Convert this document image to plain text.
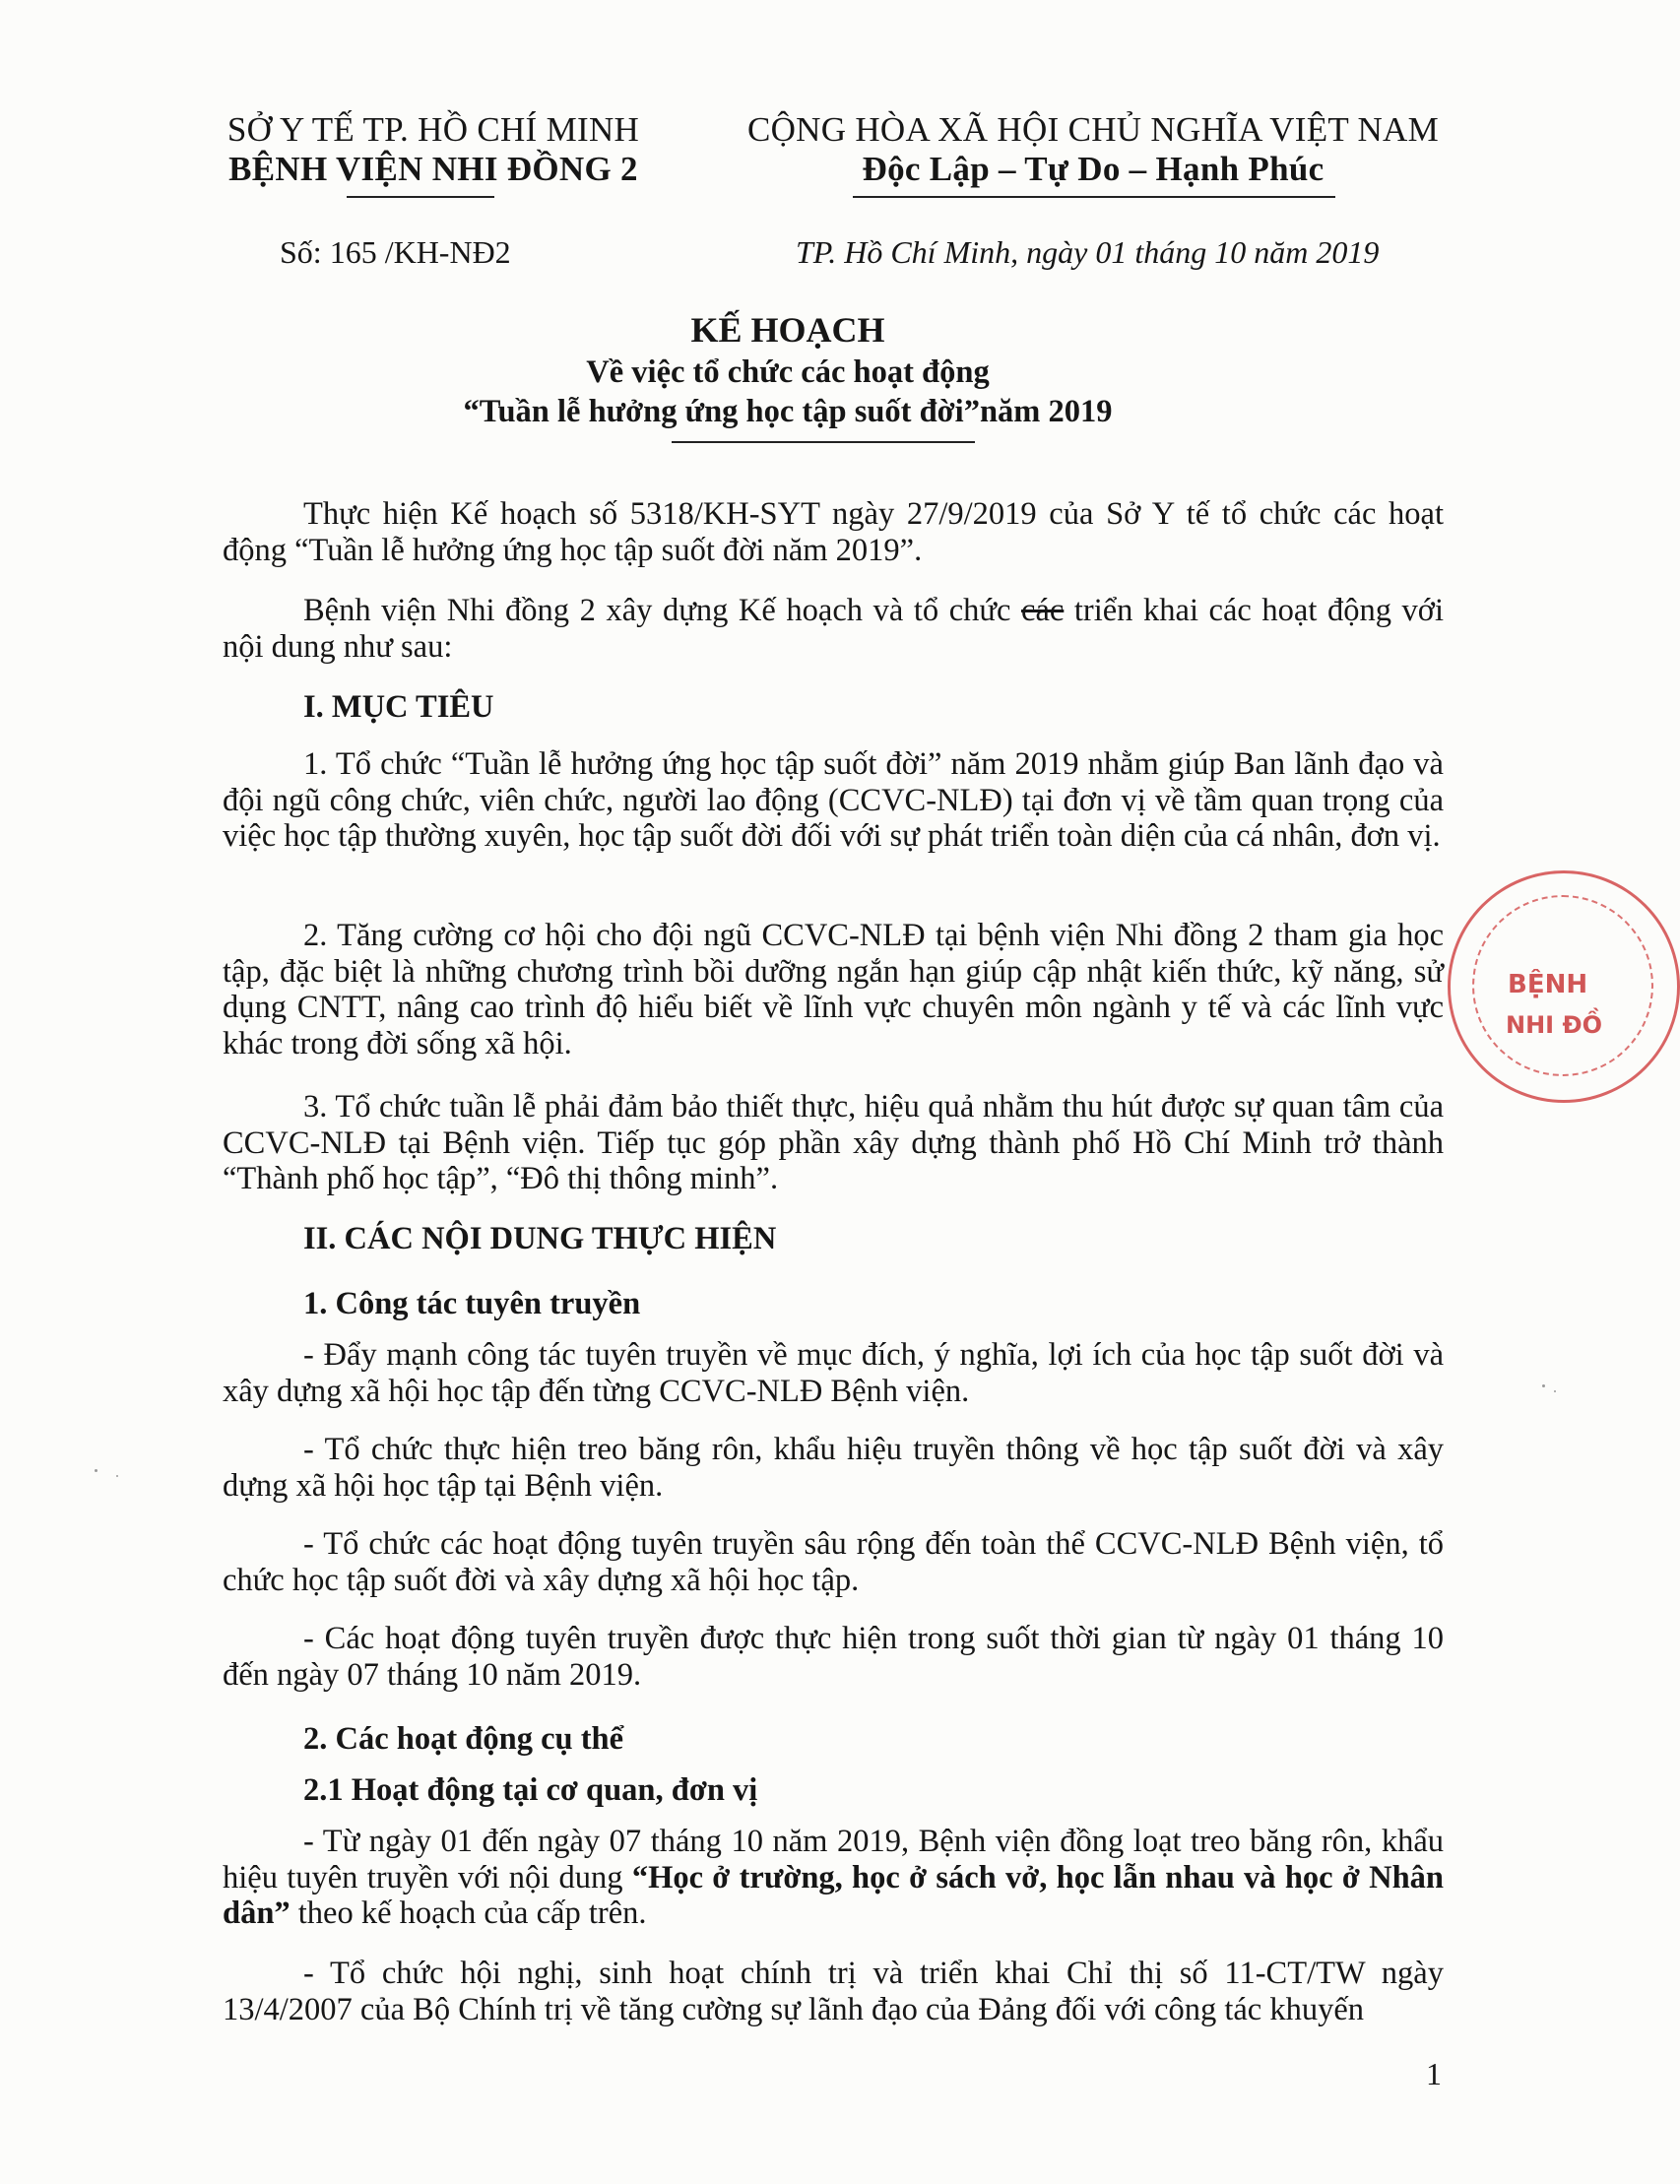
SỞ Y TẾ TP. HỒ CHÍ MINH
BỆNH VIỆN NHI ĐỒNG 2
CỘNG HÒA XÃ HỘI CHỦ NGHĨA VIỆT NAM
Độc Lập – Tự Do – Hạnh Phúc
Số: 165 /KH-NĐ2	TP. Hồ Chí Minh, ngày 01 tháng 10 năm 2019
KẾ HOẠCH
Về việc tổ chức các hoạt động
“Tuần lễ hưởng ứng học tập suốt đời”năm 2019
Thực hiện Kế hoạch số 5318/KH-SYT ngày 27/9/2019 của Sở Y tế tổ chức các hoạt động “Tuần lễ hưởng ứng học tập suốt đời năm 2019”.
Bệnh viện Nhi đồng 2 xây dựng Kế hoạch và tổ chức các triển khai các hoạt động với nội dung như sau:
I. MỤC TIÊU
1. Tổ chức “Tuần lễ hưởng ứng học tập suốt đời” năm 2019 nhằm giúp Ban lãnh đạo và đội ngũ công chức, viên chức, người lao động (CCVC-NLĐ) tại đơn vị về tầm quan trọng của việc học tập thường xuyên, học tập suốt đời đối với sự phát triển toàn diện của cá nhân, đơn vị.
2. Tăng cường cơ hội cho đội ngũ CCVC-NLĐ tại bệnh viện Nhi đồng 2 tham gia học tập, đặc biệt là những chương trình bồi dưỡng ngắn hạn giúp cập nhật kiến thức, kỹ năng, sử dụng CNTT, nâng cao trình độ hiểu biết về lĩnh vực chuyên môn ngành y tế và các lĩnh vực khác trong đời sống xã hội.
3. Tổ chức tuần lễ phải đảm bảo thiết thực, hiệu quả nhằm thu hút được sự quan tâm của CCVC-NLĐ tại Bệnh viện. Tiếp tục góp phần xây dựng thành phố Hồ Chí Minh trở thành “Thành phố học tập”, “Đô thị thông minh”.
II. CÁC NỘI DUNG THỰC HIỆN
1. Công tác tuyên truyền
- Đẩy mạnh công tác tuyên truyền về mục đích, ý nghĩa, lợi ích của học tập suốt đời và xây dựng xã hội học tập đến từng CCVC-NLĐ Bệnh viện.
- Tổ chức thực hiện treo băng rôn, khẩu hiệu truyền thông về học tập suốt đời và xây dựng xã hội học tập tại Bệnh viện.
- Tổ chức các hoạt động tuyên truyền sâu rộng đến toàn thể CCVC-NLĐ Bệnh viện, tổ chức học tập suốt đời và xây dựng xã hội học tập.
- Các hoạt động tuyên truyền được thực hiện trong suốt thời gian từ ngày 01 tháng 10 đến ngày 07 tháng 10 năm 2019.
2. Các hoạt động cụ thể
2.1 Hoạt động tại cơ quan, đơn vị
- Từ ngày 01 đến ngày 07 tháng 10 năm 2019, Bệnh viện đồng loạt treo băng rôn, khẩu hiệu tuyên truyền với nội dung “Học ở trường, học ở sách vở, học lẫn nhau và học ở Nhân dân” theo kế hoạch của cấp trên.
- Tổ chức hội nghị, sinh hoạt chính trị và triển khai Chỉ thị số 11-CT/TW ngày 13/4/2007 của Bộ Chính trị về tăng cường sự lãnh đạo của Đảng đối với công tác khuyến
BỆNH
NHI ĐỒ
1
